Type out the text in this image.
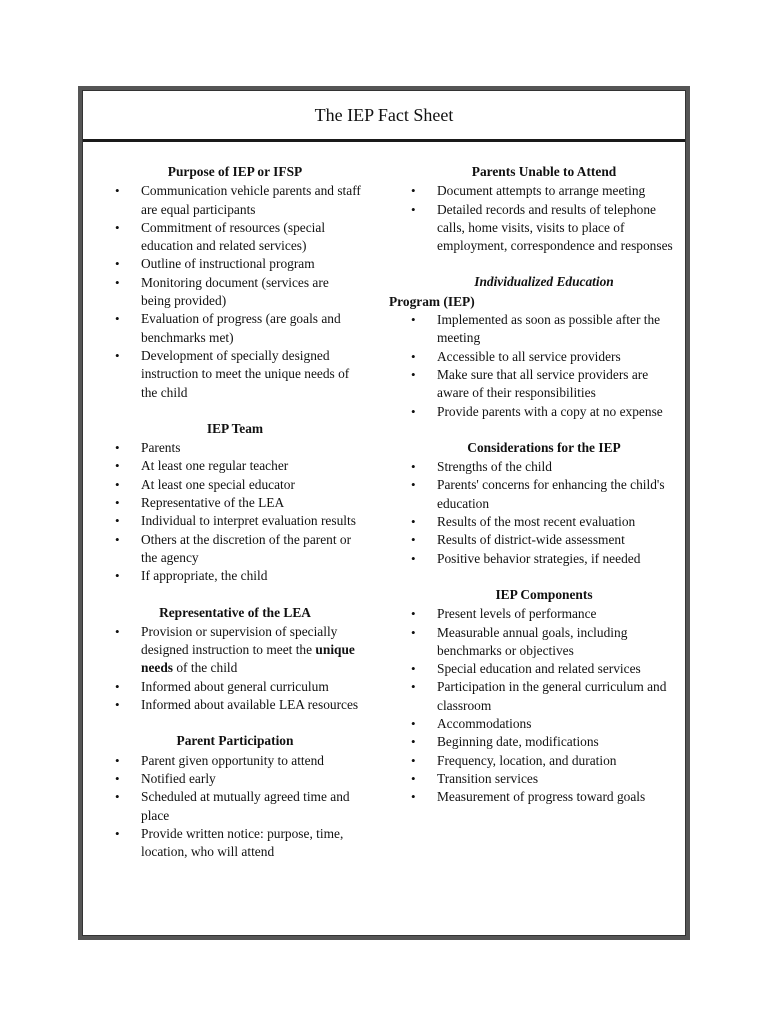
The IEP Fact Sheet
Purpose of IEP or IFSP
• Communication vehicle parents and staff are equal participants
• Commitment of resources (special education and related services)
• Outline of instructional program
• Monitoring document (services are being provided)
• Evaluation of progress (are goals and benchmarks met)
• Development of specially designed instruction to meet the unique needs of the child
IEP Team
• Parents
• At least one regular teacher
• At least one special educator
• Representative of the LEA
• Individual to interpret evaluation results
• Others at the discretion of the parent or the agency
• If appropriate, the child
Representative of the LEA
• Provision or supervision of specially designed instruction to meet the unique needs of the child
• Informed about general curriculum
• Informed about available LEA resources
Parent Participation
• Parent given opportunity to attend
• Notified early
• Scheduled at mutually agreed time and place
• Provide written notice: purpose, time, location, who will attend
Parents Unable to Attend
• Document attempts to arrange meeting
• Detailed records and results of telephone calls, home visits, visits to place of employment, correspondence and responses
Individualized Education
Program (IEP)
• Implemented as soon as possible after the meeting
• Accessible to all service providers
• Make sure that all service providers are aware of their responsibilities
• Provide parents with a copy at no expense
Considerations for the IEP
• Strengths of the child
• Parents' concerns for enhancing the child's education
• Results of the most recent evaluation
• Results of district-wide assessment
• Positive behavior strategies, if needed
IEP Components
• Present levels of performance
• Measurable annual goals, including benchmarks or objectives
• Special education and related services
• Participation in the general curriculum and classroom
• Accommodations
• Beginning date, modifications
• Frequency, location, and duration
• Transition services
• Measurement of progress toward goals
